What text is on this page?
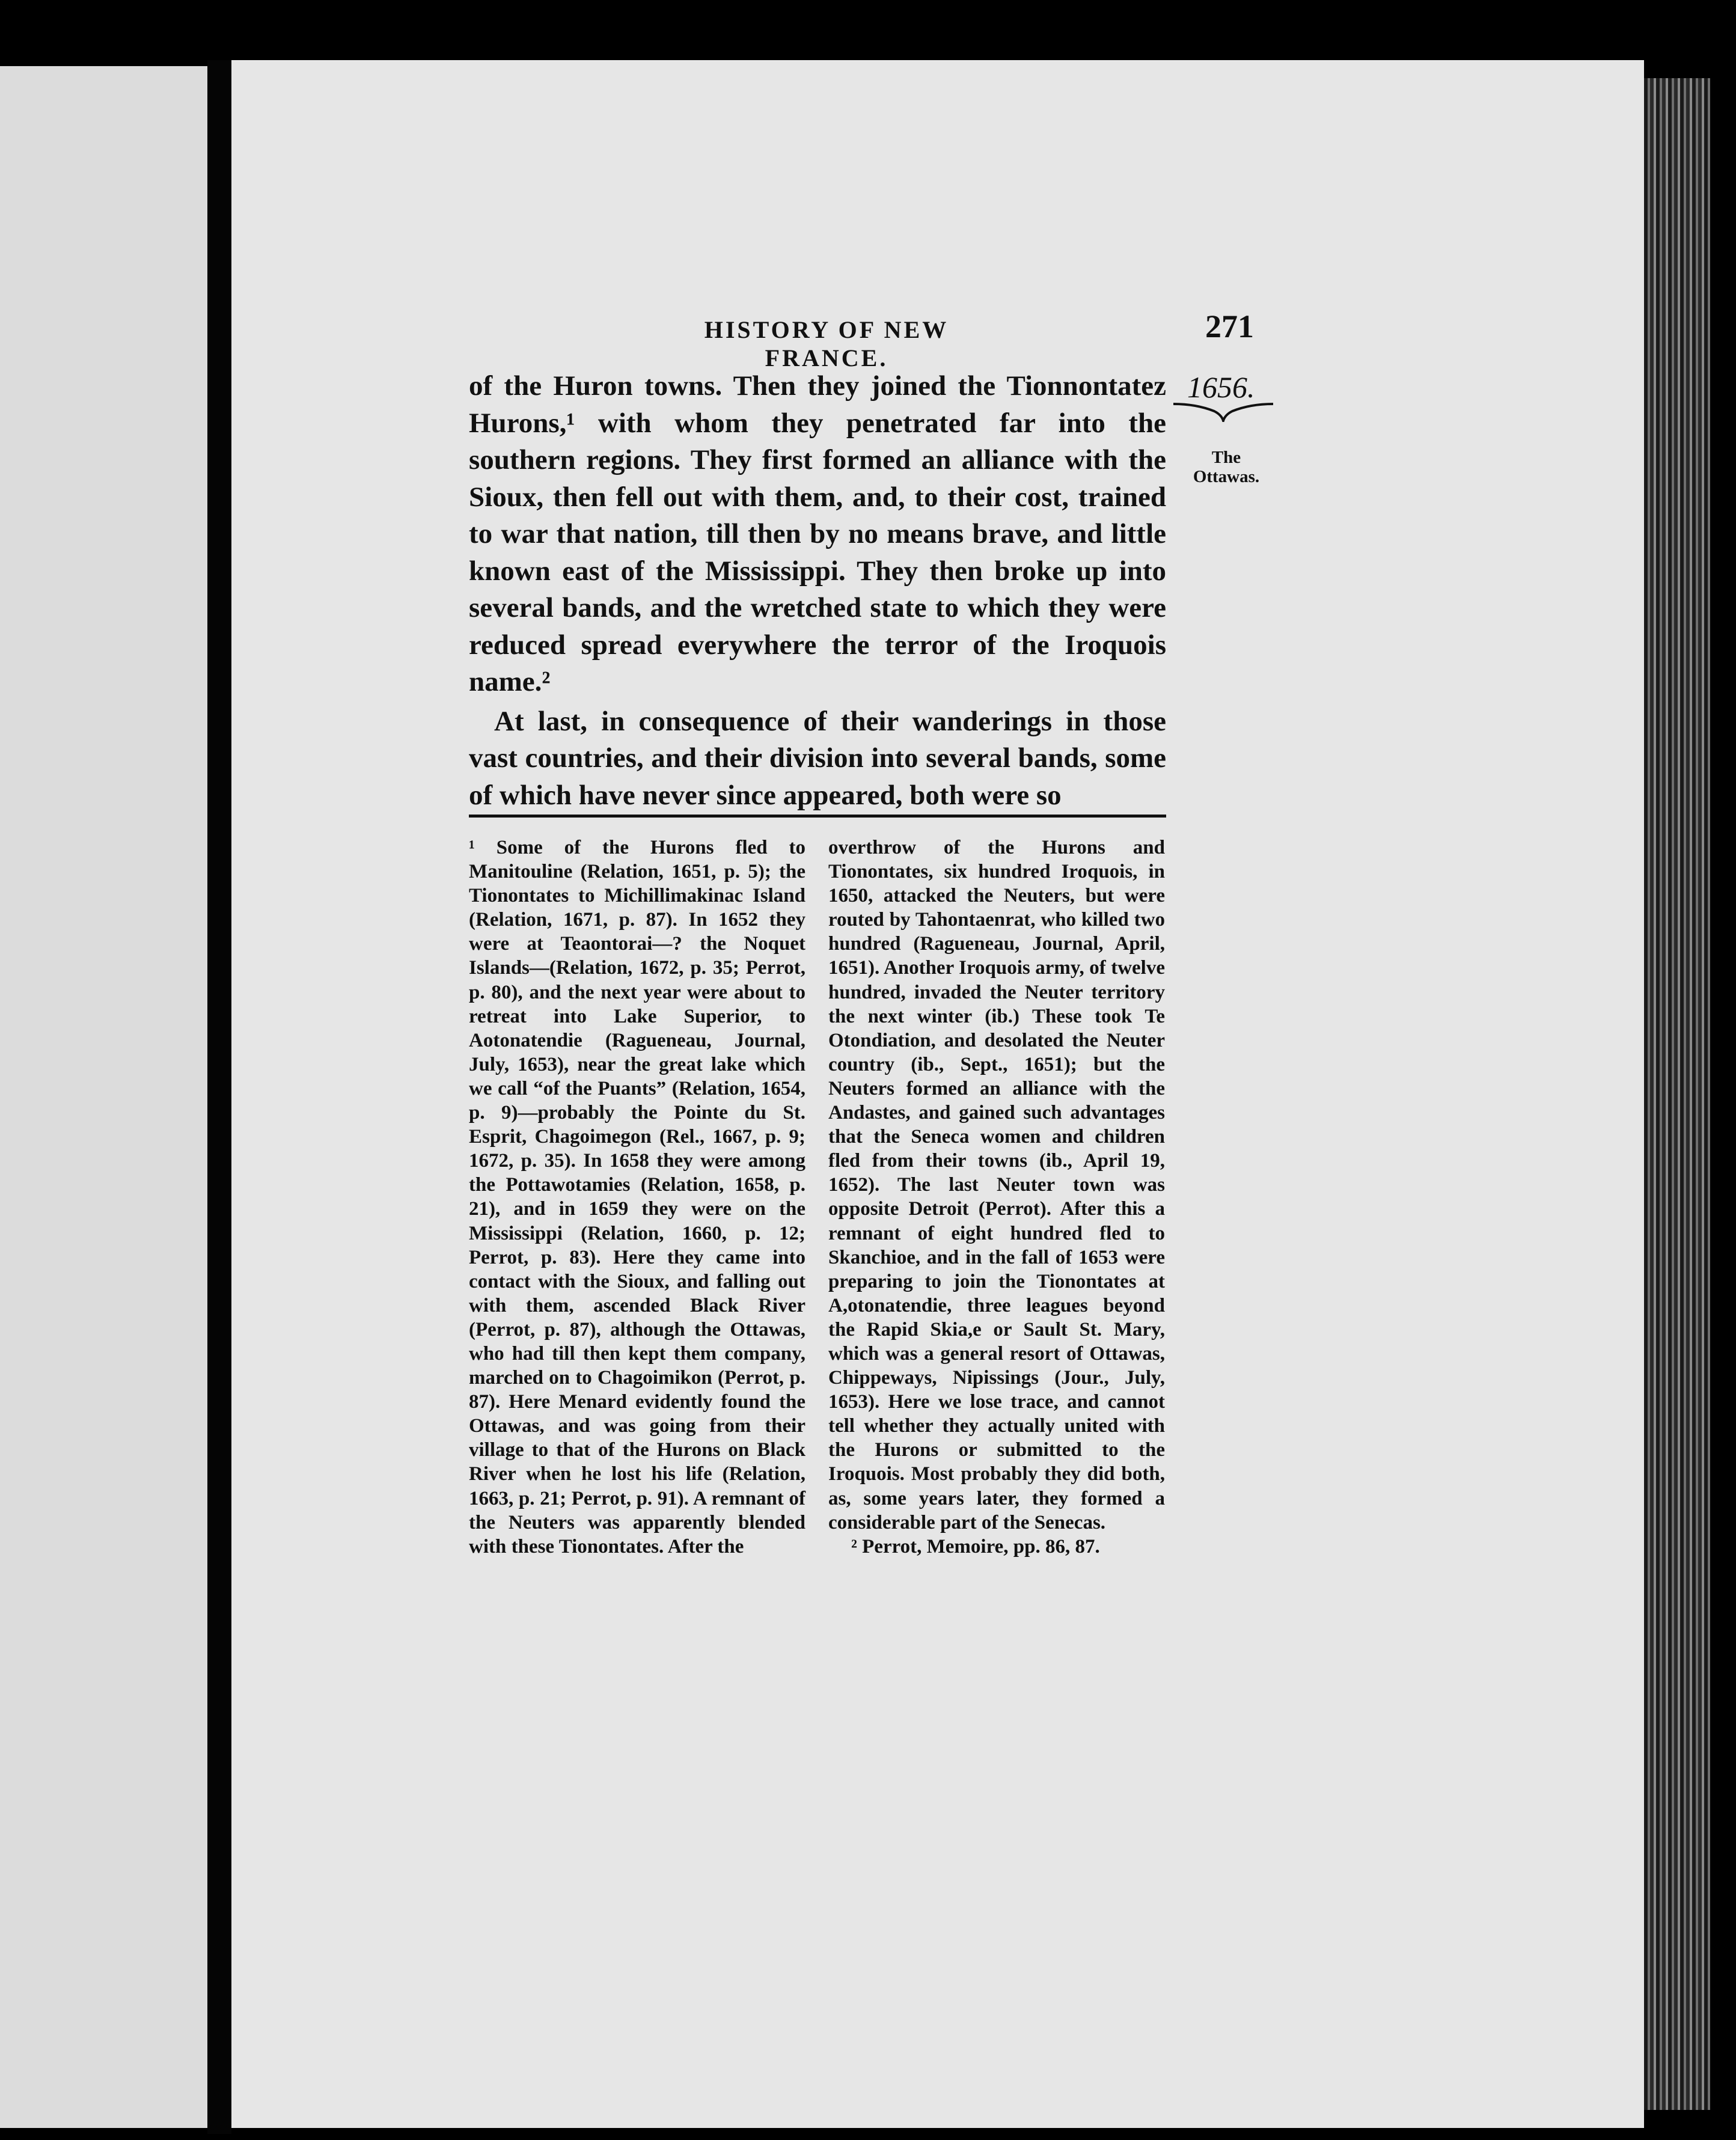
HISTORY OF NEW FRANCE.
271
1656.
The Ottawas.

of the Huron towns. Then they joined the Tionnontatez Hurons,¹ with whom they penetrated far into the southern regions. They first formed an alliance with the Sioux, then fell out with them, and, to their cost, trained to war that nation, till then by no means brave, and little known east of the Mississippi. They then broke up into several bands, and the wretched state to which they were reduced spread everywhere the terror of the Iroquois name.²

At last, in consequence of their wanderings in those vast countries, and their division into several bands, some of which have never since appeared, both were so

¹ Some of the Hurons fled to Manitouline (Relation, 1651, p. 5); the Tionontates to Michillimakinac Island (Relation, 1671, p. 87). In 1652 they were at Teaontorai—? the Noquet Islands—(Relation, 1672, p. 35; Perrot, p. 80), and the next year were about to retreat into Lake Superior, to Aotonatendie (Ragueneau, Journal, July, 1653), near the great lake which we call “of the Puants” (Relation, 1654, p. 9)—probably the Pointe du St. Esprit, Chagoimegon (Rel., 1667, p. 9; 1672, p. 35). In 1658 they were among the Pottawotamies (Relation, 1658, p. 21), and in 1659 they were on the Mississippi (Relation, 1660, p. 12; Perrot, p. 83). Here they came into contact with the Sioux, and falling out with them, ascended Black River (Perrot, p. 87), although the Ottawas, who had till then kept them company, marched on to Chagoimikon (Perrot, p. 87). Here Menard evidently found the Ottawas, and was going from their village to that of the Hurons on Black River when he lost his life (Relation, 1663, p. 21; Perrot, p. 91). A remnant of the Neuters was apparently blended with these Tionontates. After the

overthrow of the Hurons and Tionontates, six hundred Iroquois, in 1650, attacked the Neuters, but were routed by Tahontaenrat, who killed two hundred (Ragueneau, Journal, April, 1651). Another Iroquois army, of twelve hundred, invaded the Neuter territory the next winter (ib.) These took Te Otondiation, and desolated the Neuter country (ib., Sept., 1651); but the Neuters formed an alliance with the Andastes, and gained such advantages that the Seneca women and children fled from their towns (ib., April 19, 1652). The last Neuter town was opposite Detroit (Perrot). After this a remnant of eight hundred fled to Skanchioe, and in the fall of 1653 were preparing to join the Tionontates at A,otonatendie, three leagues beyond the Rapid Skia,e or Sault St. Mary, which was a general resort of Ottawas, Chippeways, Nipissings (Jour., July, 1653). Here we lose trace, and cannot tell whether they actually united with the Hurons or submitted to the Iroquois. Most probably they did both, as, some years later, they formed a considerable part of the Senecas.

² Perrot, Memoire, pp. 86, 87.
